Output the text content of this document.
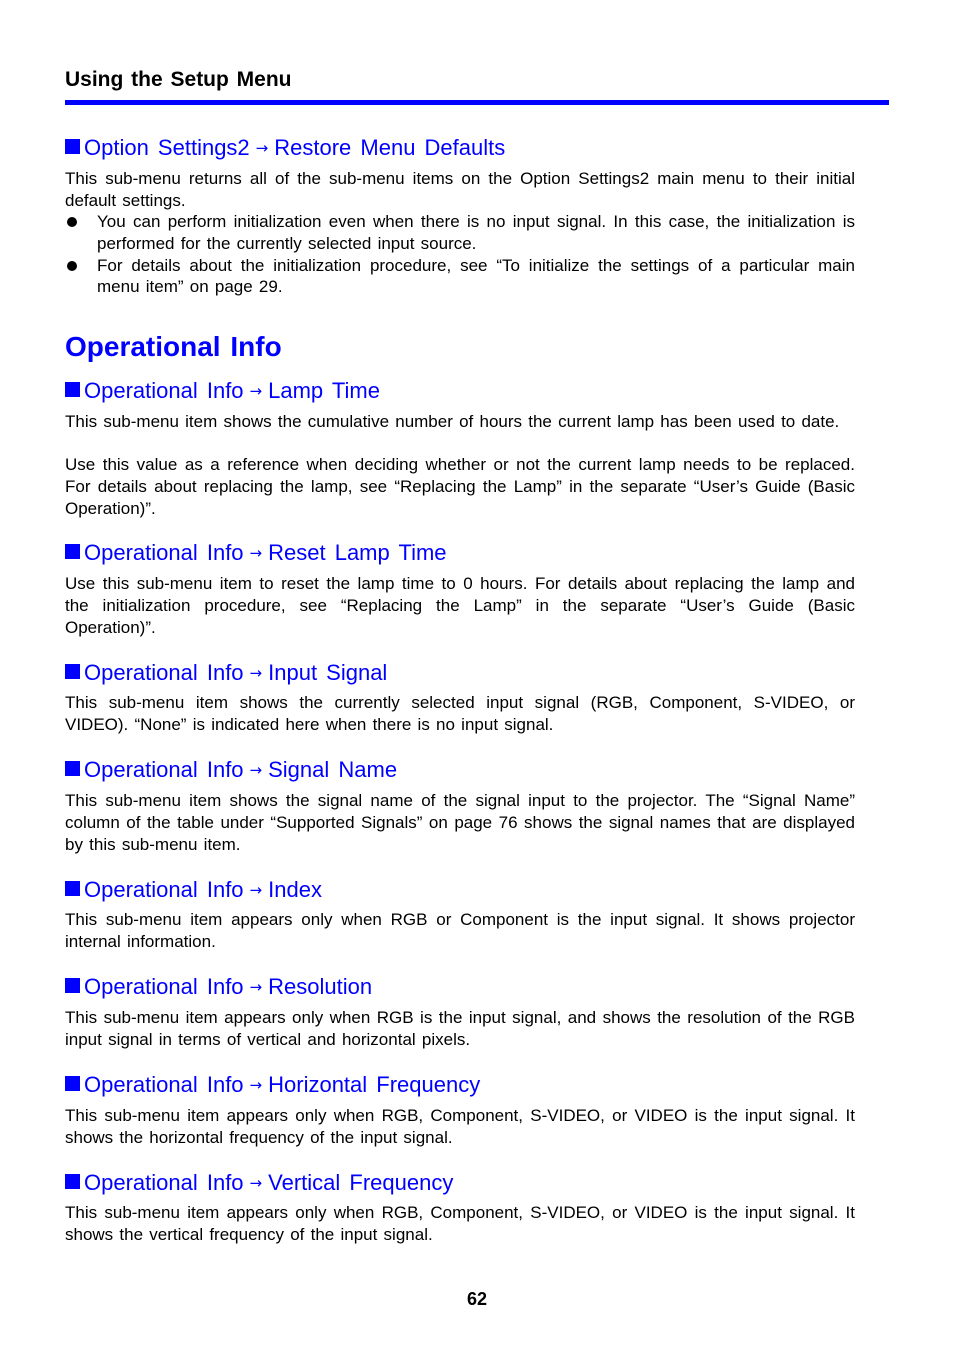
Using the Setup Menu
Option Settings2 → Restore Menu Defaults
This sub-menu returns all of the sub-menu items on the Option Settings2 main menu to their initial default settings.
You can perform initialization even when there is no input signal. In this case, the initialization is performed for the currently selected input source.
For details about the initialization procedure, see “To initialize the settings of a particular main menu item” on page 29.
Operational Info
Operational Info → Lamp Time
This sub-menu item shows the cumulative number of hours the current lamp has been used to date.
Use this value as a reference when deciding whether or not the current lamp needs to be replaced. For details about replacing the lamp, see “Replacing the Lamp” in the separate “User’s Guide (Basic Operation)”.
Operational Info → Reset Lamp Time
Use this sub-menu item to reset the lamp time to 0 hours. For details about replacing the lamp and the initialization procedure, see “Replacing the Lamp” in the separate “User’s Guide (Basic Operation)”.
Operational Info → Input Signal
This sub-menu item shows the currently selected input signal (RGB, Component, S-VIDEO, or VIDEO). “None” is indicated here when there is no input signal.
Operational Info → Signal Name
This sub-menu item shows the signal name of the signal input to the projector. The “Signal Name” column of the table under “Supported Signals” on page 76 shows the signal names that are displayed by this sub-menu item.
Operational Info → Index
This sub-menu item appears only when RGB or Component is the input signal. It shows projector internal information.
Operational Info → Resolution
This sub-menu item appears only when RGB is the input signal, and shows the resolution of the RGB input signal in terms of vertical and horizontal pixels.
Operational Info → Horizontal Frequency
This sub-menu item appears only when RGB, Component, S-VIDEO, or VIDEO is the input signal. It shows the horizontal frequency of the input signal.
Operational Info → Vertical Frequency
This sub-menu item appears only when RGB, Component, S-VIDEO, or VIDEO is the input signal. It shows the vertical frequency of the input signal.
62
